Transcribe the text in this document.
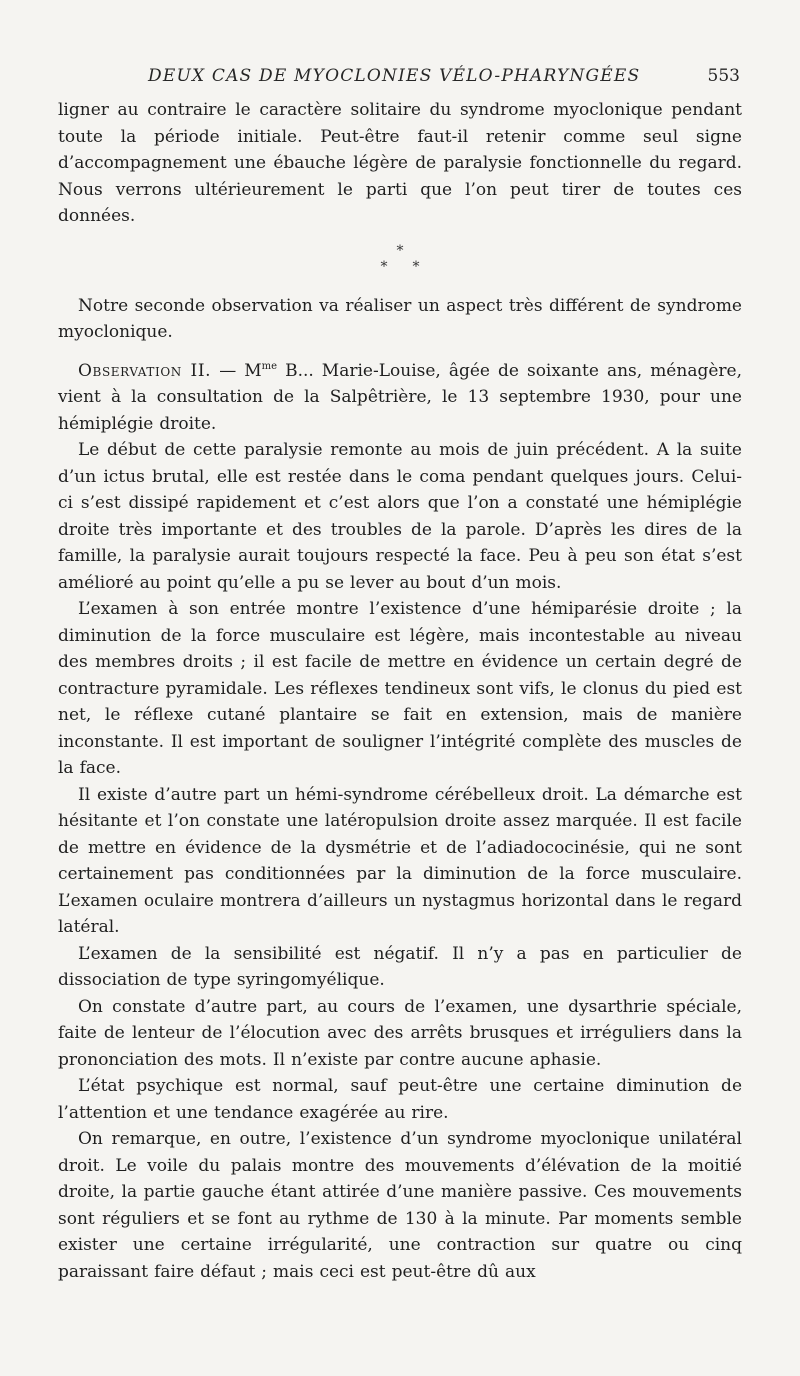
DEUX CAS DE MYOCLONIES VÉLO-PHARYNGÉES	553

ligner au contraire le caractère solitaire du syndrome myoclonique pendant toute la période initiale. Peut-être faut-il retenir comme seul signe d’accompagnement une ébauche légère de paralysie fonctionnelle du regard. Nous verrons ultérieurement le parti que l’on peut tirer de toutes ces données.

*
* *

Notre seconde observation va réaliser un aspect très différent de syndrome myoclonique.

Observation II. — $M^{me}$ B... Marie-Louise, âgée de soixante ans, ménagère, vient à la consultation de la Salpêtrière, le 13 septembre 1930, pour une hémiplégie droite.

Le début de cette paralysie remonte au mois de juin précédent. A la suite d’un ictus brutal, elle est restée dans le coma pendant quelques jours. Celui-ci s’est dissipé rapidement et c’est alors que l’on a constaté une hémiplégie droite très importante et des troubles de la parole. D’après les dires de la famille, la paralysie aurait toujours respecté la face. Peu à peu son état s’est amélioré au point qu’elle a pu se lever au bout d’un mois.

L’examen à son entrée montre l’existence d’une hémiparésie droite ; la diminution de la force musculaire est légère, mais incontestable au niveau des membres droits ; il est facile de mettre en évidence un certain degré de contracture pyramidale. Les réflexes tendineux sont vifs, le clonus du pied est net, le réflexe cutané plantaire se fait en extension, mais de manière inconstante. Il est important de souligner l’intégrité complète des muscles de la face.

Il existe d’autre part un hémi-syndrome cérébelleux droit. La démarche est hésitante et l’on constate une latéropulsion droite assez marquée. Il est facile de mettre en évidence de la dysmétrie et de l’adiadococinésie, qui ne sont certainement pas conditionnées par la diminution de la force musculaire. L’examen oculaire montrera d’ailleurs un nystagmus horizontal dans le regard latéral.

L’examen de la sensibilité est négatif. Il n’y a pas en particulier de dissociation de type syringomyélique.

On constate d’autre part, au cours de l’examen, une dysarthrie spéciale, faite de lenteur de l’élocution avec des arrêts brusques et irréguliers dans la prononciation des mots. Il n’existe par contre aucune aphasie.

L’état psychique est normal, sauf peut-être une certaine diminution de l’attention et une tendance exagérée au rire.

On remarque, en outre, l’existence d’un syndrome myoclonique unilatéral droit. Le voile du palais montre des mouvements d’élévation de la moitié droite, la partie gauche étant attirée d’une manière passive. Ces mouvements sont réguliers et se font au rythme de 130 à la minute. Par moments semble exister une certaine irrégularité, une contraction sur quatre ou cinq paraissant faire défaut ; mais ceci est peut-être dû aux
